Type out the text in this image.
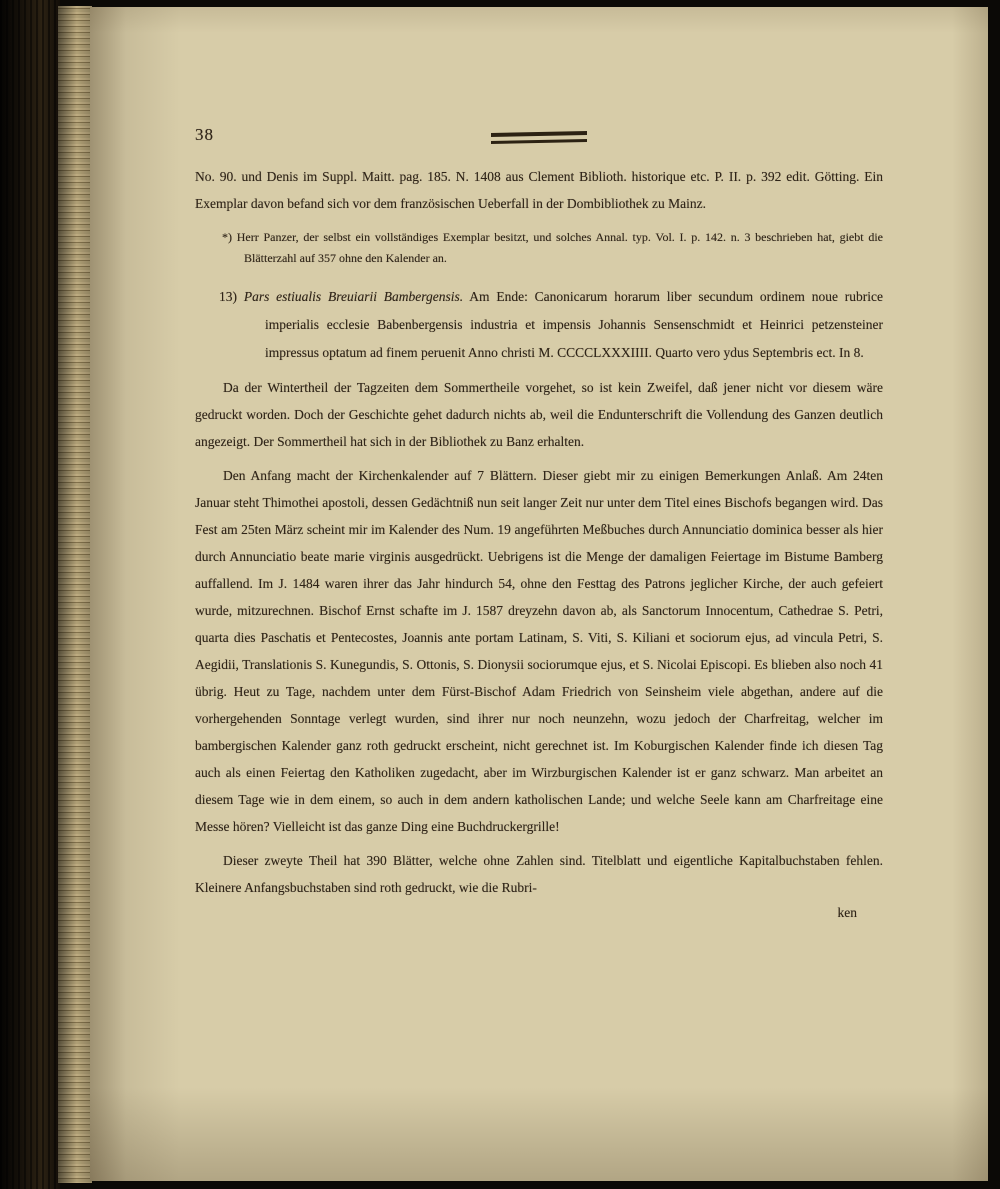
38

No. 90. und Denis im Suppl. Maitt. pag. 185. N. 1408 aus Clement Biblioth. historique etc. P. II. p. 392 edit. Götting. Ein Exemplar davon befand sich vor dem französischen Ueberfall in der Dombibliothek zu Mainz.

*) Herr Panzer, der selbst ein vollständiges Exemplar besitzt, und solches Annal. typ. Vol. I. p. 142. n. 3 beschrieben hat, giebt die Blätterzahl auf 357 ohne den Kalender an.

13) Pars estiualis Breuiarii Bambergensis. Am Ende: Canonicarum horarum liber secundum ordinem noue rubrice imperialis ecclesie Babenbergensis industria et impensis Johannis Sensenschmidt et Heinrici petzensteiner impressus optatum ad finem peruenit Anno christi M. CCCCLXXXIIII. Quarto vero ydus Septembris ect. In 8.

Da der Wintertheil der Tagzeiten dem Sommertheile vorgehet, so ist kein Zweifel, daß jener nicht vor diesem wäre gedruckt worden. Doch der Geschichte gehet dadurch nichts ab, weil die Endunterschrift die Vollendung des Ganzen deutlich angezeigt. Der Sommertheil hat sich in der Bibliothek zu Banz erhalten.

Den Anfang macht der Kirchenkalender auf 7 Blättern. Dieser giebt mir zu einigen Bemerkungen Anlaß. Am 24ten Januar steht Thimothei apostoli, dessen Gedächtniß nun seit langer Zeit nur unter dem Titel eines Bischofs begangen wird. Das Fest am 25ten März scheint mir im Kalender des Num. 19 angeführten Meßbuches durch Annunciatio dominica besser als hier durch Annunciatio beate marie virginis ausgedrückt. Uebrigens ist die Menge der damaligen Feiertage im Bistume Bamberg auffallend. Im J. 1484 waren ihrer das Jahr hindurch 54, ohne den Festtag des Patrons jeglicher Kirche, der auch gefeiert wurde, mitzurechnen. Bischof Ernst schafte im J. 1587 dreyzehn davon ab, als Sanctorum Innocentum, Cathedrae S. Petri, quarta dies Paschatis et Pentecostes, Joannis ante portam Latinam, S. Viti, S. Kiliani et sociorum ejus, ad vincula Petri, S. Aegidii, Translationis S. Kunegundis, S. Ottonis, S. Dionysii sociorumque ejus, et S. Nicolai Episcopi. Es blieben also noch 41 übrig. Heut zu Tage, nachdem unter dem Fürst-Bischof Adam Friedrich von Seinsheim viele abgethan, andere auf die vorhergehenden Sonntage verlegt wurden, sind ihrer nur noch neunzehn, wozu jedoch der Charfreitag, welcher im bambergischen Kalender ganz roth gedruckt erscheint, nicht gerechnet ist. Im Koburgischen Kalender finde ich diesen Tag auch als einen Feiertag den Katholiken zugedacht, aber im Wirzburgischen Kalender ist er ganz schwarz. Man arbeitet an diesem Tage wie in dem einem, so auch in dem andern katholischen Lande; und welche Seele kann am Charfreitage eine Messe hören? Vielleicht ist das ganze Ding eine Buchdruckergrille!

Dieser zweyte Theil hat 390 Blätter, welche ohne Zahlen sind. Titelblatt und eigentliche Kapitalbuchstaben fehlen. Kleinere Anfangsbuchstaben sind roth gedruckt, wie die Rubri-

ken
